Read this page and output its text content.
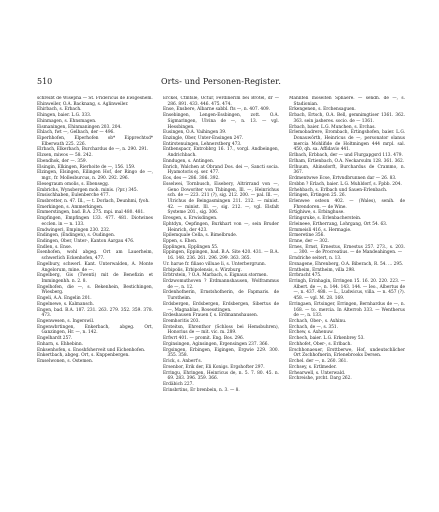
510	Orts- und Personen-Register.
schreibt de Wisepha — St. Fridericus de Ewigeshem.
Ehinweiler, O.A. Backnang, s. Aglinweiler.
Ehirbach, s. Erbach.
Ehingen, baier. L.G. 333.
Ehinmagen, s. Ehnsmagen.
Eismaningen, Ehinmaningen 203. 204.
Ehlach, fwt —, Gelbach, der — 496.
Eiperhhofen, Elperhofen ob* Eipprechtsd* Elberwath 225. 226.
Elrbach, Elkerbach, Burchardus de —, n. 290. 291.
Elzsen, miwos — 58. 242.
Ebendhok, der —. 359.
Elsingin, Elkingen, Rierhoite de —, 156. 159.
Elzingen, Elsingen, Eilingen Hof, der Ringo de —, mgr., fr. Mollesburcus, n. 290. 292. 296.
Elesegraum omolis, s. Ebensegg.
Embrichs, Wynsbergen mob. minis. (?pr.) 345.
Emsischhaben, Eulenberche 477.
Emsbretter, n. 47. Ill., — t. Dorlach, Deunhmi, fyoh.
Emerkingen, s. Ammerkingen.
Emmerstingen, bad. B.A. 275. mpi. mal 480. 481.
Empfingen, Empfingen 133. 477. 481. Diotwines ecclen. in — n. 133.
Emdwingeri, Empingen 230. 232.
Endingen, (Endingen), s. Oudingen.
Endingen, Ober, Unter-, Kanton Aargau 476.
Endlen, s. Ense.
Esenhofen, wohl abgeg. Ort am Lauerheim, schwerlich Eckenhofen, 477.
Engelbury, schwerl. Kant. Unterwalden, A. Monte Angelorum, mine. de —.
Engelberg, Gis (Twenti) mit de Benefizin et Immingenhh. n. 2. 8.
Engelhofen, die —, s. Bekenhein, Bestichingen, Wiesberg.
Engeli, A.A. Engelin 201.
Engelnewe, s. Kalmansch.
Engen, bad. B.A. 187. 231. 263. 279. 352. 359. 378. 473.
Engenwesen, s. Ingerswil.
Engenwbrtingen, Enkerbach, abgeg. Ort, Ganzingen, Hr. —, n. 142.
Engelhardt 257.
Enharn, s. Ehhebinn.
Enksenhofen, s. Enoshfsherveit und Eichenhofen.
Enkertbach, abgeg. Ort, s. Knppenbergen.
Emselwonen, s. Ostemen.
Erckel, Ctmtsle, Octur, Ferdinerim bei Brotel, dr — 286. 891. 433. 446. 475. 474.
Ense, Ensbere, Albarne sabbl. fts —, n. 407. 409.
Ensebingen, Lengen-Essbingen, zott. O.A. Sigmaringen, Ulvina de —, n. 13. — vgl. Hessbingen.
Eusingen, O.A. Vaihingen 39.
Enzingle, Ober, Unter-Ensingen 247.
Entirstenuingen, Lehnerstberg 473.
Entbenspacr, Entrobbrg 16. 17., vorgl. Andbeingen, Andrichbach.
Enndugen, s. Antingen.
Enrich, Walchen at Obrand Dos. dei —, Sancti socia. Hyamotoris ej. ser. 477.
Eos, des — 286. 386. 392.
Esselwei, Tornbusch, Eisebery, Altrirrand von —, Geno Doworiter von Thbingen, Ill. —, Heinrichus sch. de — 223. 211 (?), sig. 212. 200. — pal. Ill. —, Ulrichus de Beingasmingen 211. 212. — minist. 42. — minist. Ill. —, sig. 212. —, vgl. Elsfalt Systeme 201., sig. 306.
Eresgen, s. Erwisdingen.
Ephtdyn, Oepfingen, Burkhart von —, sein Bruder Heinrich, der 423.
Epilemquale Cella, s. Bimelbrude.
Eppen, s. Ehen.
Epplingen, Epplingen 55.
Eppingen, Eppingen, bad. B.A. Site 420. 431. — B.A. 16. 148. 236. 261. 296. 299. 363. 365.
Ur. harue fr. filiaso villuae li, s. Unterbergrunn.
Erbipolis, Erbipolensis, s. Wirzburg.
Erbtrstein, ? O.A. Marbach, s. Eignaux stormen.
Erdzwomuthoven ? Erdmannshausen, Wolframmus de —, n. 12.
Erdenhofnerin, Ernstshofnerin, de Fapmaris. de Turstheim.
Erdsbergen, Erdsbergen, Erdsbergen, Sibertus de —, Magnablas, Rosesstingen.
Erdeshausen Frauen f, s. Erdmannshausen.
Eremhoritis 203.
Ersteitsn, Ehrenthor (Schloss bei Hemsbuhren), Honorius de — mit. vic. m. 289.
Erfwrt 401. — promit. Eng. Bos. 296.
Erginsingen, Aginsingen, Ergensingen 237. 366.
Ergsingen, Erbingen, Eigingen, Ergwie 229. 300. 355. 358.
Erick, s. Anbert's.
Ersenbor, Erik der, Eli Konigs. Ergshofter 297.
Erringu, Ehringen, Heinricus de, n. 5. 7. 80. 45. n. 69. 283. 396. 359. 366.
Erdäbich 227.
Erinsbrtins, Er brenbein, n. 3. — 8.
Mannfeli moseiten Sphaere. — sendh. de —, s. Stadionian.
Erkengenen, s. Erchensaguen.
Erbach, Ertsch, O.A. Bell, gemnimgtiser 1361. 362. 363. sein jasheres. socio. de — 1361.
Erbach, baier. L.G. Munchen, s. Erchas.
Erlemobadrere, Erombach, Ertingshofen, baier. L.G. Donauwörth, Heinricus de —, personator olanus mercia Mohlifide de Holtmingen 444 mrpl. sal. 450, qh. sa. Affidavio 441.
Erlbach, Erbbach, der — und Flurgapgsrd 113. 479.
Erlham, Ertienbach, O.A. Neckarsulm 128. 361. 362.
Erlhuum, Ahinsdorft, Burchardus de Crammo, n. 367.
Erdmentwwe Ecse, Ertvndbrunnen dar — 26. 83.
Ersbbn ? Erlach, baier. L.G. Muhldorf, s. Fpbb. 204.
Erhehbach, s. Erlbach und Sauen-Erlenbach.
Erlingen, Ertingen 25. 26.
Erlenwee osteon 402. — (Wales), senih. de Fhrendoren. — de Wine.
Ertighiwe, s. Erbinghuse.
Erlingsruke, s. Erlenbacherstein.
Erleineee, Ertherrang, Lohrgang, Ort 54. 63.
Ermmeisli 416, s. Hermagie.
Ermeretine 356.
Ernne, der — 302.
Ernes, Ernst, Ernestus, Ernestus 257. 273., s. 203. ... 300. — de Procreatius. — de Mandeahingen. —
Erndriche seitert, n. 13.
Ersnagene, Ehrenberg, O.A. Biberach, R. 54. ... 295.
Erntheim, Erntheim, villa 298.
Errbracht 475.
Erringh, Erinhagin, Erringen 15. 16. 20. 220. 223. — Albert. de —, n. 144. 143. 144. — Ieo., Albertus de —, n. 437. 488. — L., Ludwicus, villa. — n. 457 (?). 458. — vgl. M. 28. 169.
Erringaen, Ertsinger, Erringen, Bernhardus de —, n. 168. — to. mercia. In Alterroh 333. — Wentherus de —, n. 133.
Erchach, Ober-, s. Axhinu.
Erchach, de —, s. 351.
Erchew, s. Axhenuw.
Erchech, baier. L.G. Erkenbrey 53.
Erchhofet, Ober-, s. Erlbach.
Erschhonaeuer, Ersttberwe, Hof, undeutschlicher Ort Zschhofnerin, Erlenebrooks Dersen.
Erchel. der —, n. 260. 361.
Erchsey, s. Ertlmeder.
Erhearwell, s. Unterwald.
Erchreishe, prcht. Darg 262.
